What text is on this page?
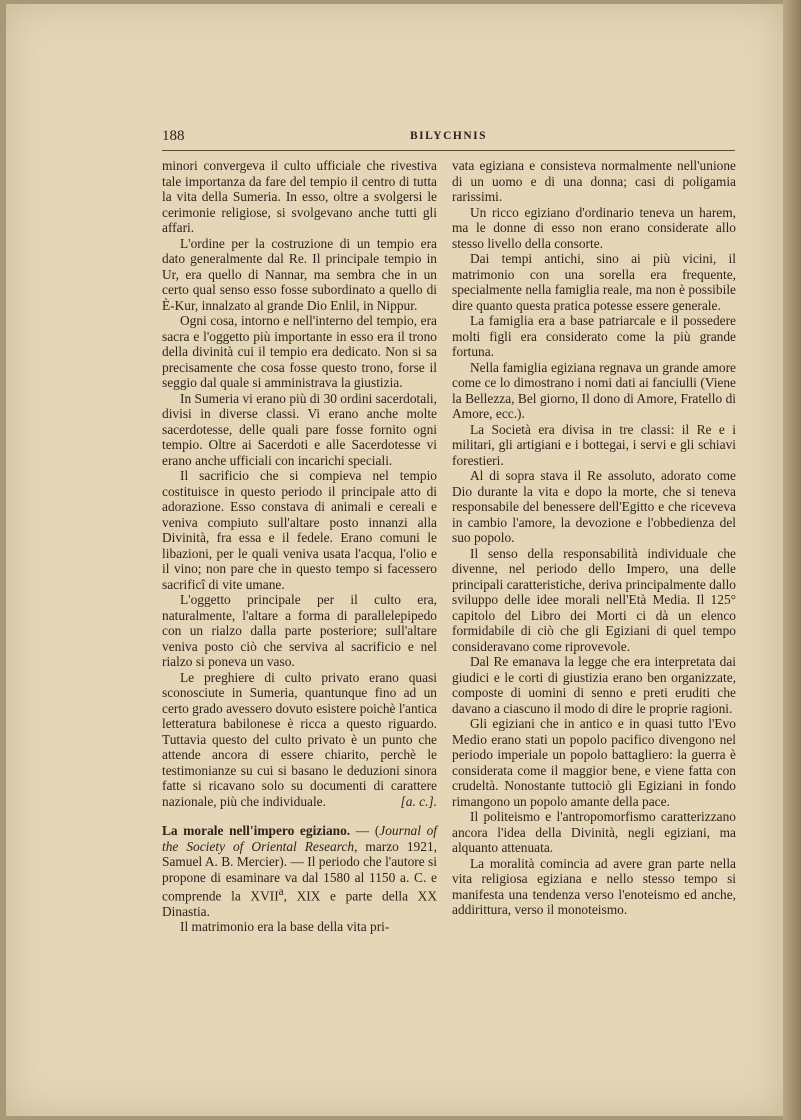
188	BILYCHNIS

minori convergeva il culto ufficiale che rivestiva tale importanza da fare del tempio il centro di tutta la vita della Sumeria. In esso, oltre a svolgersi le cerimonie religiose, si svolgevano anche tutti gli affari.

L'ordine per la costruzione di un tempio era dato generalmente dal Re. Il principale tempio in Ur, era quello di Nannar, ma sembra che in un certo qual senso esso fosse subordinato a quello di È-Kur, innalzato al grande Dio Enlil, in Nippur.

Ogni cosa, intorno e nell'interno del tempio, era sacra e l'oggetto più importante in esso era il trono della divinità cui il tempio era dedicato. Non si sa precisamente che cosa fosse questo trono, forse il seggio dal quale si amministrava la giustizia.

In Sumeria vi erano più di 30 ordini sacerdotali, divisi in diverse classi. Vi erano anche molte sacerdotesse, delle quali pare fosse fornito ogni tempio. Oltre ai Sacerdoti e alle Sacerdotesse vi erano anche ufficiali con incarichi speciali.

Il sacrificio che si compieva nel tempio costituisce in questo periodo il principale atto di adorazione. Esso constava di animali e cereali e veniva compiuto sull'altare posto innanzi alla Divinità, fra essa e il fedele. Erano comuni le libazioni, per le quali veniva usata l'acqua, l'olio e il vino; non pare che in questo tempo si facessero sacrificî di vite umane.

L'oggetto principale per il culto era, naturalmente, l'altare a forma di parallelepipedo con un rialzo dalla parte posteriore; sull'altare veniva posto ciò che serviva al sacrificio e nel rialzo si poneva un vaso.

Le preghiere di culto privato erano quasi sconosciute in Sumeria, quantunque fino ad un certo grado avessero dovuto esistere poichè l'antica letteratura babilonese è ricca a questo riguardo. Tuttavia questo del culto privato è un punto che attende ancora di essere chiarito, perchè le testimonianze su cui si basano le deduzioni sinora fatte si ricavano solo su documenti di carattere nazionale, più che individuale.	[a. c.].

La morale nell'impero egiziano. — (Journal of the Society of Oriental Research, marzo 1921, Samuel A. B. Mercier). — Il periodo che l'autore si propone di esaminare va dal 1580 al 1150 a. C. e comprende la XVII$^a$, XIX e parte della XX Dinastia.

Il matrimonio era la base della vita pri-

vata egiziana e consisteva normalmente nell'unione di un uomo e di una donna; casi di poligamia rarissimi.

Un ricco egiziano d'ordinario teneva un harem, ma le donne di esso non erano considerate allo stesso livello della consorte.

Dai tempi antichi, sino ai più vicini, il matrimonio con una sorella era frequente, specialmente nella famiglia reale, ma non è possibile dire quanto questa pratica potesse essere generale.

La famiglia era a base patriarcale e il possedere molti figli era considerato come la più grande fortuna.

Nella famiglia egiziana regnava un grande amore come ce lo dimostrano i nomi dati ai fanciulli (Viene la Bellezza, Bel giorno, Il dono di Amore, Fratello di Amore, ecc.).

La Società era divisa in tre classi: il Re e i militari, gli artigiani e i bottegai, i servi e gli schiavi forestieri.

Al di sopra stava il Re assoluto, adorato come Dio durante la vita e dopo la morte, che si teneva responsabile del benessere dell'Egitto e che riceveva in cambio l'amore, la devozione e l'obbedienza del suo popolo.

Il senso della responsabilità individuale che divenne, nel periodo dello Impero, una delle principali caratteristiche, deriva principalmente dallo sviluppo delle idee morali nell'Età Media. Il 125° capitolo del Libro dei Morti ci dà un elenco formidabile di ciò che gli Egiziani di quel tempo consideravano come riprovevole.

Dal Re emanava la legge che era interpretata dai giudici e le corti di giustizia erano ben organizzate, composte di uomini di senno e preti eruditi che davano a ciascuno il modo di dire le proprie ragioni.

Gli egiziani che in antico e in quasi tutto l'Evo Medio erano stati un popolo pacifico divengono nel periodo imperiale un popolo battagliero: la guerra è considerata come il maggior bene, e viene fatta con crudeltà. Nonostante tuttociò gli Egiziani in fondo rimangono un popolo amante della pace.

Il politeismo e l'antropomorfismo caratterizzano ancora l'idea della Divinità, negli egiziani, ma alquanto attenuata.

La moralità comincia ad avere gran parte nella vita religiosa egiziana e nello stesso tempo si manifesta una tendenza verso l'enoteismo ed anche, addirittura, verso il monoteismo.
